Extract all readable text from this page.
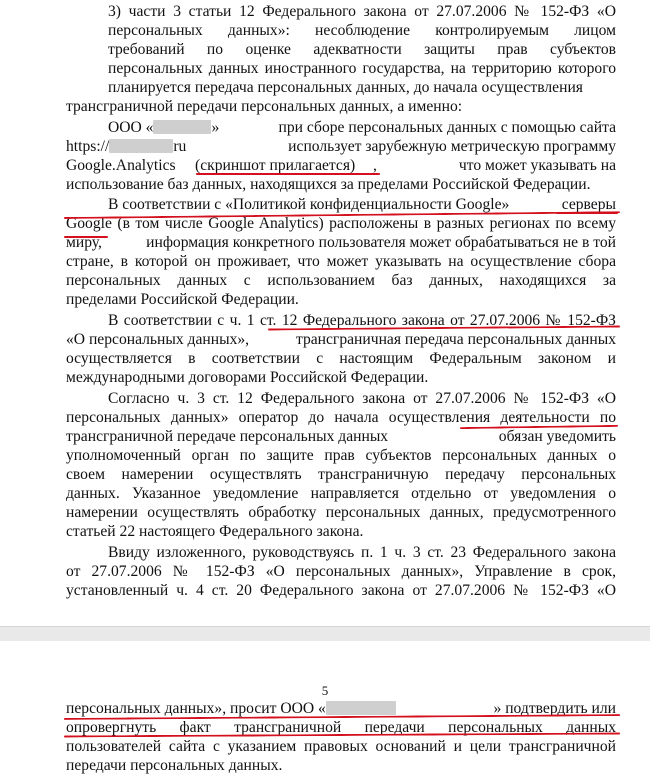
3) части 3 статьи 12 Федерального закона от 27.07.2006 № 152-ФЗ «О
персональных данных»: несоблюдение контролируемым лицом
требований по оценке адекватности защиты прав субъектов
персональных данных иностранного государства, на территорию которого
планируется передача персональных данных, до начала осуществления
трансграничной передачи персональных данных, а именно:
ООО «	»	при сборе персональных данных с помощью сайта
https://	ru	использует зарубежную метрическую программу
Google.Analytics (скриншот прилагается) ,	что может указывать на
использование баз данных, находящихся за пределами Российской Федерации.
В соответствии с «Политикой конфиденциальности Google»	серверы
Google (в том числе Google Analytics) расположены в разных регионах по всему
миру,	информация конкретного пользователя может обрабатываться не в той
стране, в которой он проживает, что может указывать на осуществление сбора
персональных данных с использованием баз данных, находящихся за
пределами Российской Федерации.
В соответствии с ч. 1 ст. 12 Федерального закона от 27.07.2006 № 152-ФЗ
«О персональных данных»,	трансграничная передача персональных данных
осуществляется в соответствии с настоящим Федеральным законом и
международными договорами Российской Федерации.
Согласно ч. 3 ст. 12 Федерального закона от 27.07.2006 № 152-ФЗ «О
персональных данных» оператор до начала осуществления деятельности по
трансграничной передаче персональных данных	обязан уведомить
уполномоченный орган по защите прав субъектов персональных данных о
своем намерении осуществлять трансграничную передачу персональных
данных. Указанное уведомление направляется отдельно от уведомления о
намерении осуществлять обработку персональных данных, предусмотренного
статьей 22 настоящего Федерального закона.
Ввиду изложенного, руководствуясь п. 1 ч. 3 ст. 23 Федерального закона
от 27.07.2006 № 152-ФЗ «О персональных данных», Управление в срок,
установленный ч. 4 ст. 20 Федерального закона от 27.07.2006 № 152-ФЗ «О
5
персональных данных», просит ООО «	» подтвердить или
опровергнуть факт трансграничной передачи персональных данных
пользователей сайта с указанием правовых оснований и цели трансграничной
передачи персональных данных.
